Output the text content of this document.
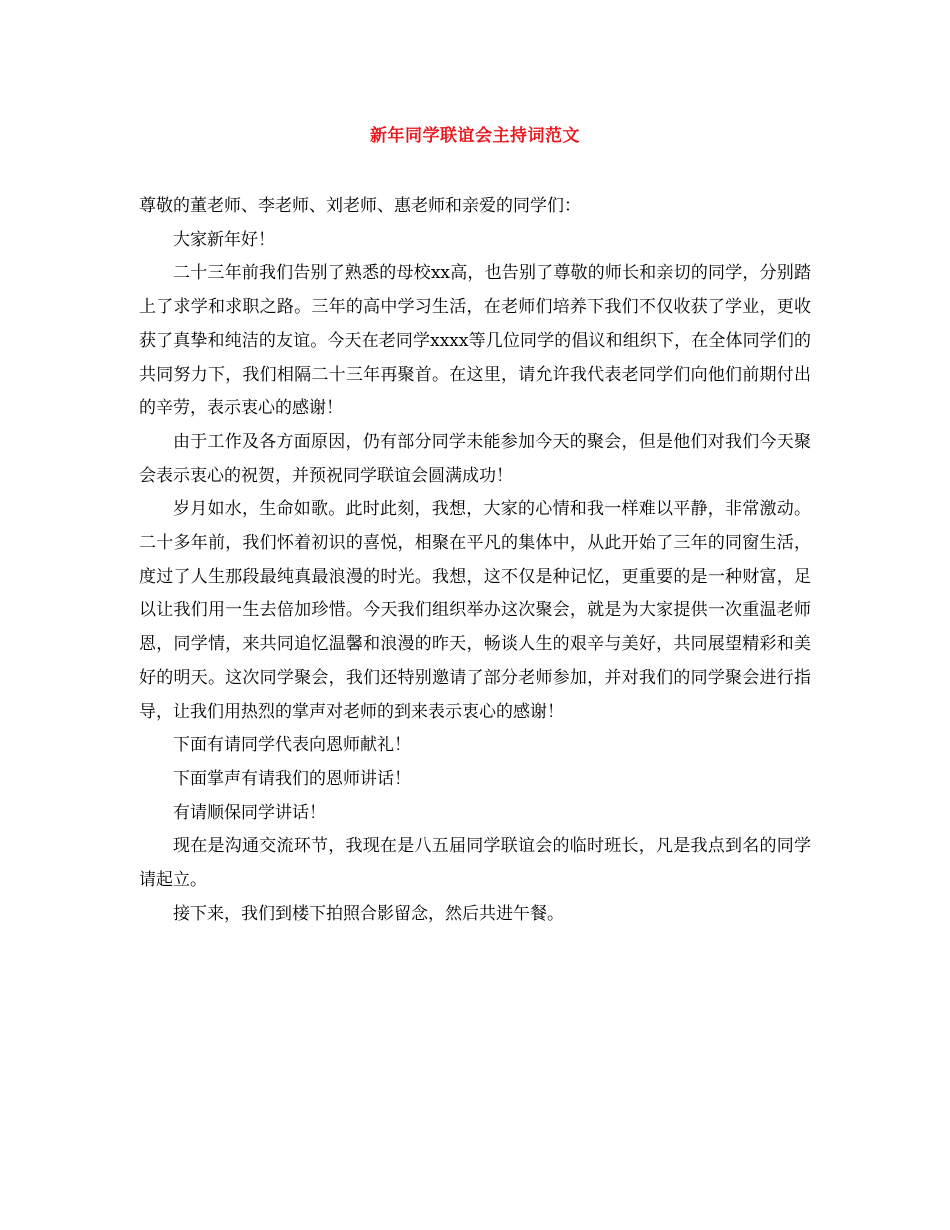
新年同学联谊会主持词范文

尊敬的董老师、李老师、刘老师、惠老师和亲爱的同学们：

大家新年好！

二十三年前我们告别了熟悉的母校xx高，也告别了尊敬的师长和亲切的同学，分别踏上了求学和求职之路。三年的高中学习生活，在老师们培养下我们不仅收获了学业，更收获了真挚和纯洁的友谊。今天在老同学xxxx等几位同学的倡议和组织下，在全体同学们的共同努力下，我们相隔二十三年再聚首。在这里，请允许我代表老同学们向他们前期付出的辛劳，表示衷心的感谢！

由于工作及各方面原因，仍有部分同学未能参加今天的聚会，但是他们对我们今天聚会表示衷心的祝贺，并预祝同学联谊会圆满成功！

岁月如水，生命如歌。此时此刻，我想，大家的心情和我一样难以平静，非常激动。二十多年前，我们怀着初识的喜悦，相聚在平凡的集体中，从此开始了三年的同窗生活，度过了人生那段最纯真最浪漫的时光。我想，这不仅是种记忆，更重要的是一种财富，足以让我们用一生去倍加珍惜。今天我们组织举办这次聚会，就是为大家提供一次重温老师恩，同学情，来共同追忆温馨和浪漫的昨天，畅谈人生的艰辛与美好，共同展望精彩和美好的明天。这次同学聚会，我们还特别邀请了部分老师参加，并对我们的同学聚会进行指导，让我们用热烈的掌声对老师的到来表示衷心的感谢！

下面有请同学代表向恩师献礼！

下面掌声有请我们的恩师讲话！

有请顺保同学讲话！

现在是沟通交流环节，我现在是八五届同学联谊会的临时班长，凡是我点到名的同学请起立。

接下来，我们到楼下拍照合影留念，然后共进午餐。
